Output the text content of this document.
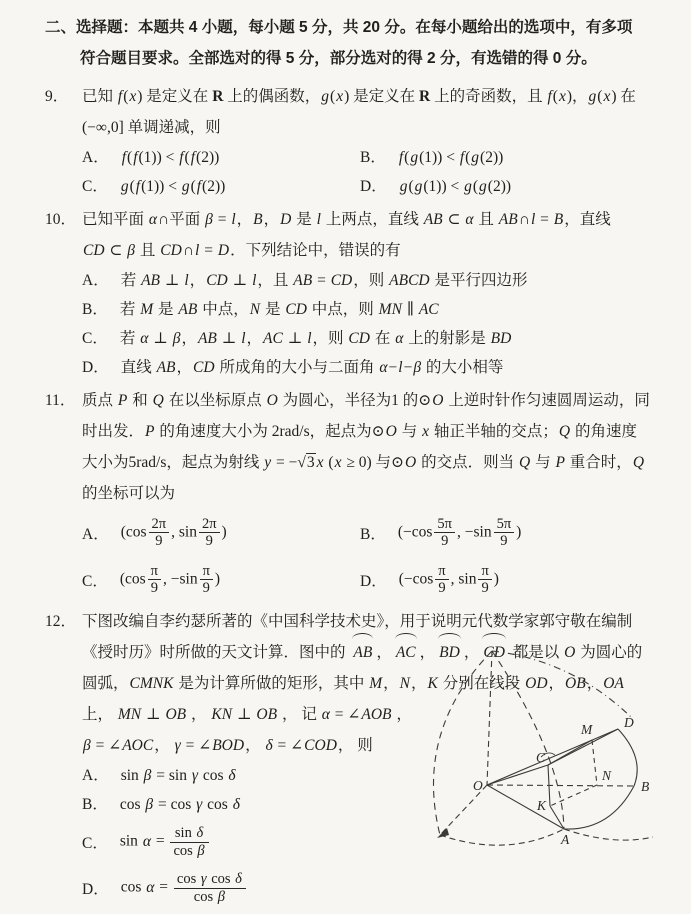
二、选择题：本题共 4 小题，每小题 5 分，共 20 分。在每小题给出的选项中，有多项
符合题目要求。全部选对的得 5 分，部分选对的得 2 分，有选错的得 0 分。
9． 已知 f(x) 是定义在 R 上的偶函数，g(x) 是定义在 R 上的奇函数，且 f(x)，g(x) 在
(−∞,0] 单调递减，则
A． f(f(1)) < f(f(2))	B． f(g(1)) < f(g(2))
C． g(f(1)) < g(f(2))	D． g(g(1)) < g(g(2))
10． 已知平面 α∩平面 β = l，B，D 是 l 上两点，直线 AB ⊂ α 且 AB∩l = B，直线
CD ⊂ β 且 CD∩l = D．下列结论中，错误的有
A． 若 AB ⊥ l，CD ⊥ l，且 AB = CD，则 ABCD 是平行四边形
B． 若 M 是 AB 中点，N 是 CD 中点，则 MN ∥ AC
C． 若 α ⊥ β，AB ⊥ l，AC ⊥ l，则 CD 在 α 上的射影是 BD
D． 直线 AB，CD 所成角的大小与二面角 α−l−β 的大小相等
11． 质点 P 和 Q 在以坐标原点 O 为圆心，半径为1 的⊙O 上逆时针作匀速圆周运动，同
时出发．P 的角速度大小为 2rad/s，起点为⊙O 与 x 轴正半轴的交点；Q 的角速度
大小为5rad/s，起点为射线 y = −√3 x (x ≥ 0) 与⊙O 的交点．则当 Q 与 P 重合时，Q
的坐标可以为
A． ($\cos \frac{2\pi}{9}$ , $\sin \frac{2\pi}{9}$ )	B． ($-\cos \frac{5\pi}{9}$ , $-\sin \frac{5\pi}{9}$ )
C． ($\cos \frac{\pi}{9}$ , $-\sin \frac{\pi}{9}$ )	D． ($-\cos \frac{\pi}{9}$ , $\sin \frac{\pi}{9}$ )
12． 下图改编自李约瑟所著的《中国科学技术史》，用于说明元代数学家郭守敬在编制
《授时历》时所做的天文计算．图中的
AB ， AC ， BD ， CD 都是以 O 为圆心的
圆弧，CMNK 是为计算所做的矩形，其中 M，N，K 分别在线段 OD，OB，OA
上， MN ⊥ OB ， KN ⊥ OB ， 记 α = ∠AOB ，
β = ∠AOC， γ = ∠BOD， δ = ∠COD， 则
A． sin β = sin γ cos δ
B． cos β = cos γ cos δ
C． $\sin \alpha = \frac{\text{sin δ}}{\text{cos β}}$
D． $\cos \alpha = \frac{\text{cos γ cos δ}}{\text{cos β}}$
O
A
B
C
D
M
N
K
